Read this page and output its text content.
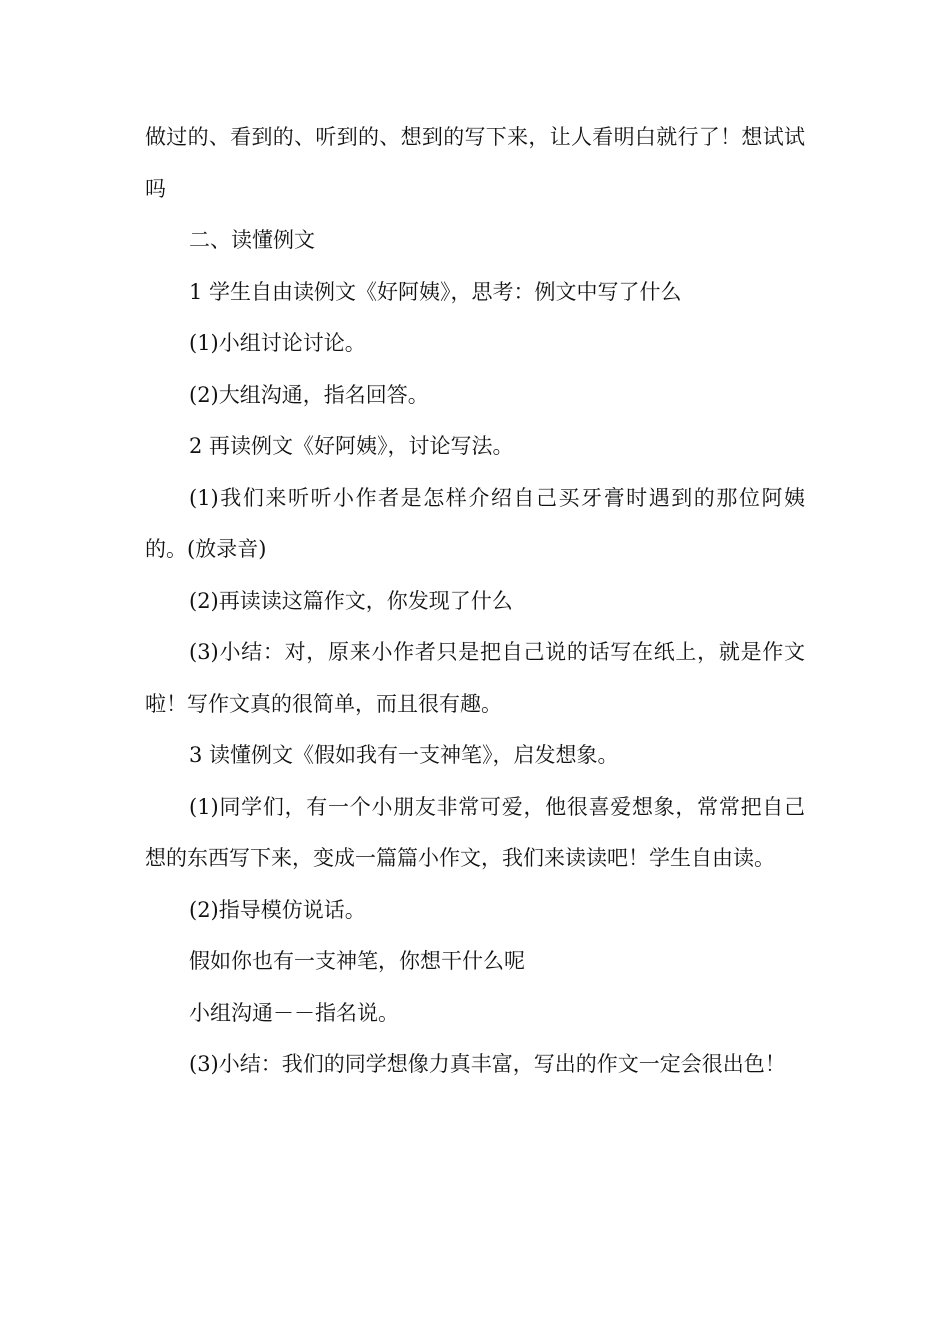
做过的、看到的、听到的、想到的写下来，让人看明白就行了！想试试吗

二、读懂例文

1 学生自由读例文《好阿姨》，思考：例文中写了什么

(1)小组讨论讨论。

(2)大组沟通，指名回答。

2 再读例文《好阿姨》，讨论写法。

(1)我们来听听小作者是怎样介绍自己买牙膏时遇到的那位阿姨的。(放录音)

(2)再读读这篇作文，你发现了什么

(3)小结：对，原来小作者只是把自己说的话写在纸上，就是作文啦！写作文真的很简单，而且很有趣。

3 读懂例文《假如我有一支神笔》，启发想象。

(1)同学们，有一个小朋友非常可爱，他很喜爱想象，常常把自己想的东西写下来，变成一篇篇小作文，我们来读读吧！学生自由读。

(2)指导模仿说话。

假如你也有一支神笔，你想干什么呢

小组沟通－－指名说。

(3)小结：我们的同学想像力真丰富，写出的作文一定会很出色！
